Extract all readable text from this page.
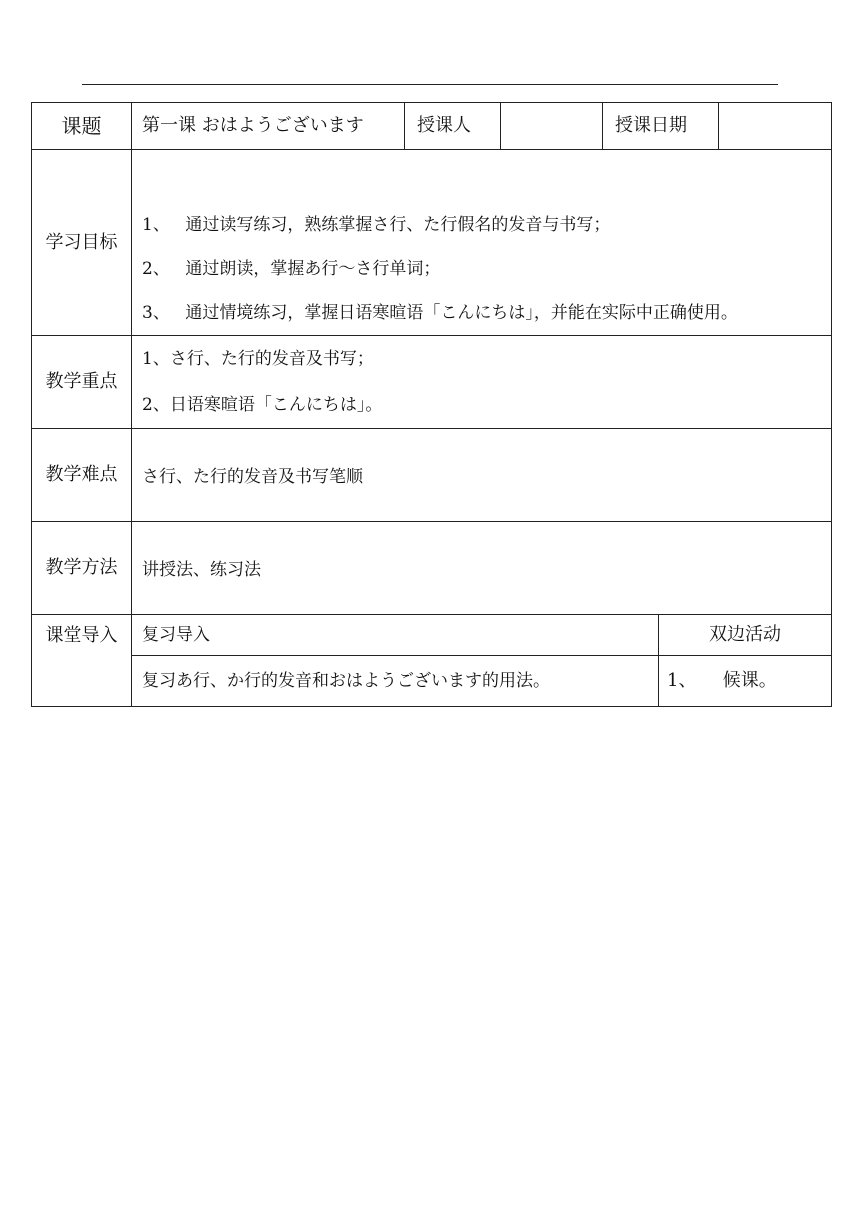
课题	第一课 おはようございます	授课人		授课日期		
学习目标	1、 通过读写练习，熟练掌握さ行、た行假名的发音与书写；
2、 通过朗读，掌握あ行～さ行单词；
3、 通过情境练习，掌握日语寒暄语「こんにちは」，并能在实际中正确使用。					

教学重点	1、さ行、た行的发音及书写；
2、日语寒暄语「こんにちは」。					

教学难点	さ行、た行的发音及书写笔顺					

教学方法	讲授法、练习法					

课堂导入	复习导入				双边活动	
	复习あ行、か行的发音和おはようございます的用法。				1、 候课。	
